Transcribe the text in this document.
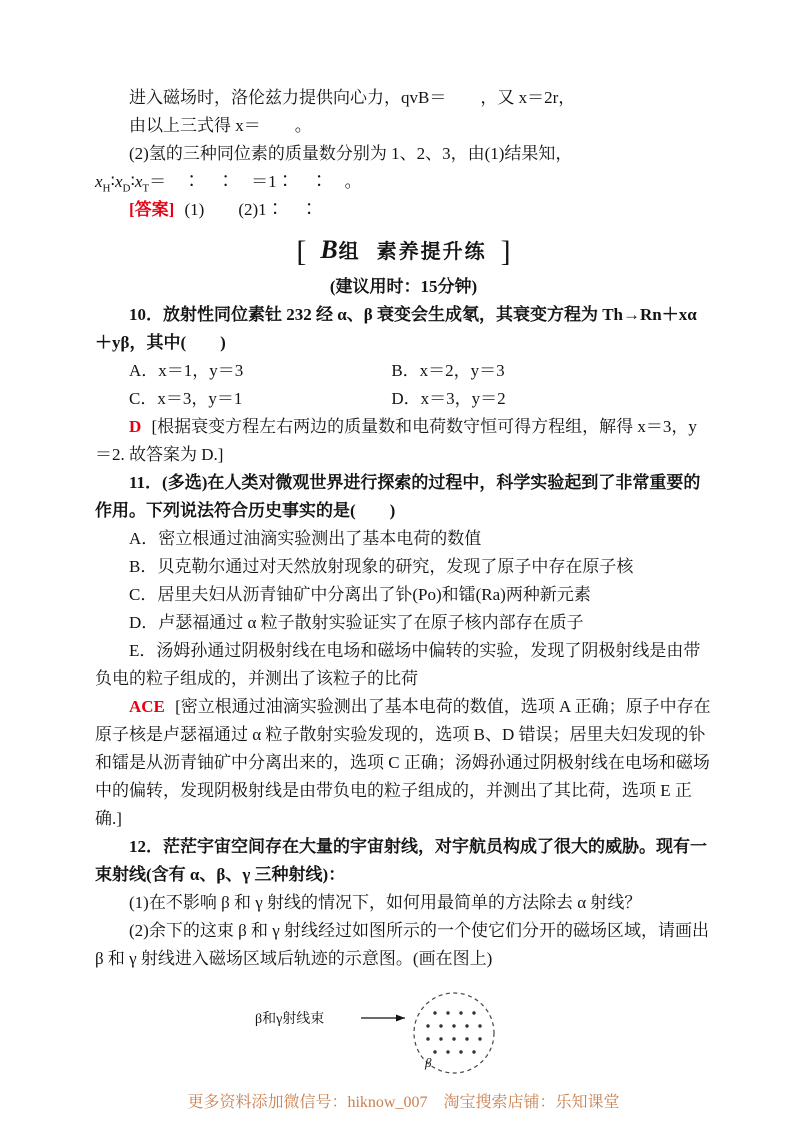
进入磁场时，洛伦兹力提供向心力，qvB＝　　，又 x＝2r，

由以上三式得 x＝　　。

(2)氢的三种同位素的质量数分别为 1、2、3，由(1)结果知，

$x_H∶x_D∶x_T=$　∶　∶　＝1∶　∶　。

[答案] (1)　　(2)1∶　∶

[ B组 素养提升练 ]

(建议用时：15分钟)

10．放射性同位素钍 232 经 α、β 衰变会生成氡，其衰变方程为 Th→Rn＋xα＋yβ，其中(　　)

A．x＝1，y＝3	B．x＝2，y＝3
C．x＝3，y＝1	D．x＝3，y＝2

D [根据衰变方程左右两边的质量数和电荷数守恒可得方程组，解得 x＝3，y＝2. 故答案为 D.]

11．(多选)在人类对微观世界进行探索的过程中，科学实验起到了非常重要的作用。下列说法符合历史事实的是(　　)

A．密立根通过油滴实验测出了基本电荷的数值

B．贝克勒尔通过对天然放射现象的研究，发现了原子中存在原子核

C．居里夫妇从沥青铀矿中分离出了钋(Po)和镭(Ra)两种新元素

D．卢瑟福通过 α 粒子散射实验证实了在原子核内部存在质子

E．汤姆孙通过阴极射线在电场和磁场中偏转的实验，发现了阴极射线是由带负电的粒子组成的，并测出了该粒子的比荷

ACE [密立根通过油滴实验测出了基本电荷的数值，选项 A 正确；原子中存在原子核是卢瑟福通过 α 粒子散射实验发现的，选项 B、D 错误；居里夫妇发现的钋和镭是从沥青铀矿中分离出来的，选项 C 正确；汤姆孙通过阴极射线在电场和磁场中的偏转，发现阴极射线是由带负电的粒子组成的，并测出了其比荷，选项 E 正确.]

12．茫茫宇宙空间存在大量的宇宙射线，对宇航员构成了很大的威胁。现有一束射线(含有 α、β、γ 三种射线)：

(1)在不影响 β 和 γ 射线的情况下，如何用最简单的方法除去 α 射线？

(2)余下的这束 β 和 γ 射线经过如图所示的一个使它们分开的磁场区域，请画出 β 和 γ 射线进入磁场区域后轨迹的示意图。(画在图上)

β和γ射线束
β

更多资料添加微信号：hiknow_007　淘宝搜索店铺：乐知课堂
